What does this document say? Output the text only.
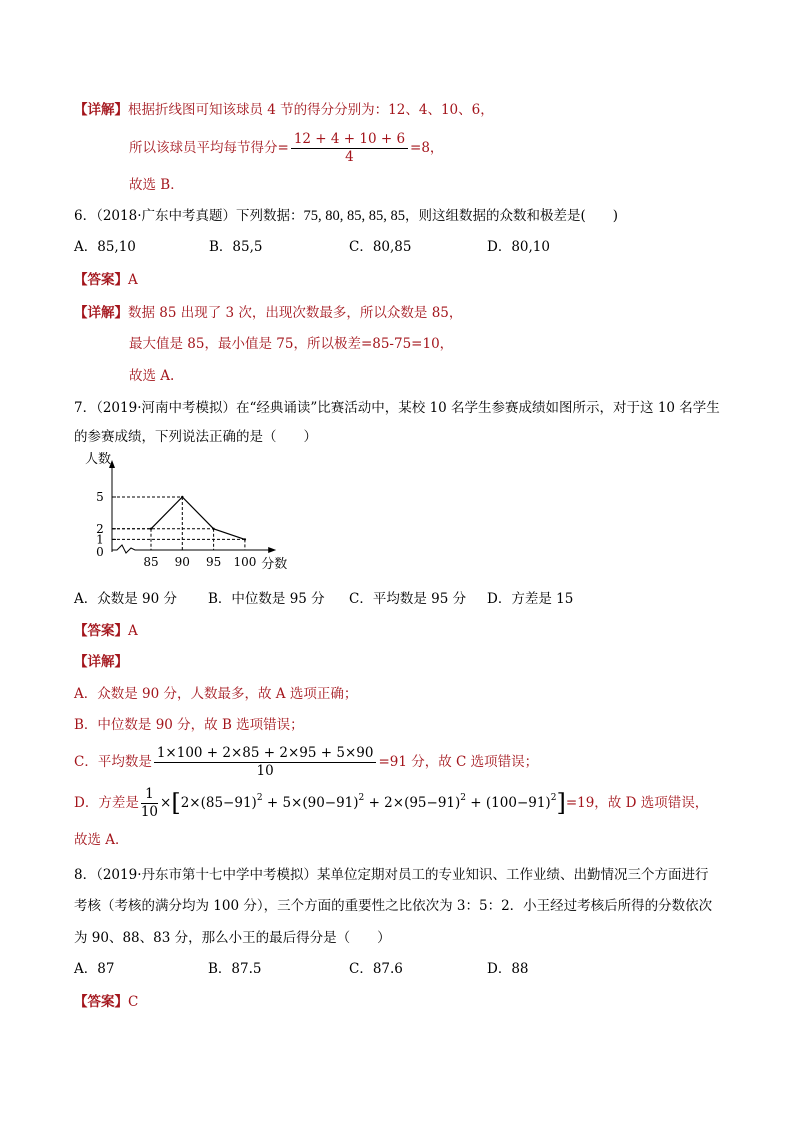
【详解】根据折线图可知该球员 4 节的得分分别为：12、4、10、6，
所以该球员平均每节得分= $\frac{12 + 4 + 10 + 6}{4} =8$，
故选 B．
6．（2018·广东中考真题）下列数据：75, 80, 85, 85, 85，则这组数据的众数和极差是(　　)
A．85,10	B．85,5	C．80,85	D．80,10
【答案】A
【详解】数据 85 出现了 3 次，出现次数最多，所以众数是 85，
最大值是 85，最小值是 75，所以极差=85-75=10，
故选 A.
7．（2019·河南中考模拟）在“经典诵读”比赛活动中，某校 10 名学生参赛成绩如图所示，对于这 10 名学生
的参赛成绩，下列说法正确的是（　　）
人数
分数
1
2
5
0
85 90 95 100
A．众数是 90 分 B．中位数是 95 分 C．平均数是 95 分 D．方差是 15
【答案】A
【详解】
A．众数是 90 分，人数最多，故 A 选项正确；
B．中位数是 90 分，故 B 选项错误；
C．平均数是 $\frac{1\times 100 + 2\times 85 + 2\times 95 + 5\times 90}{10} =91$ 分，故 C 选项错误；
D．方差是 $\frac{1}{10} \times[2\times(85-91)^2 + 5\times(90-91)^2 + 2\times(95-91)^2 + (100-91)^2]=19$，故 D 选项错误，
故选 A．
8．（2019·丹东市第十七中学中考模拟）某单位定期对员工的专业知识、工作业绩、出勤情况三个方面进行
考核（考核的满分均为 100 分），三个方面的重要性之比依次为 3：5：2．小王经过考核后所得的分数依次
为 90、88、83 分，那么小王的最后得分是（　　）
A．87	B．87.5	C．87.6	D．88
【答案】C
